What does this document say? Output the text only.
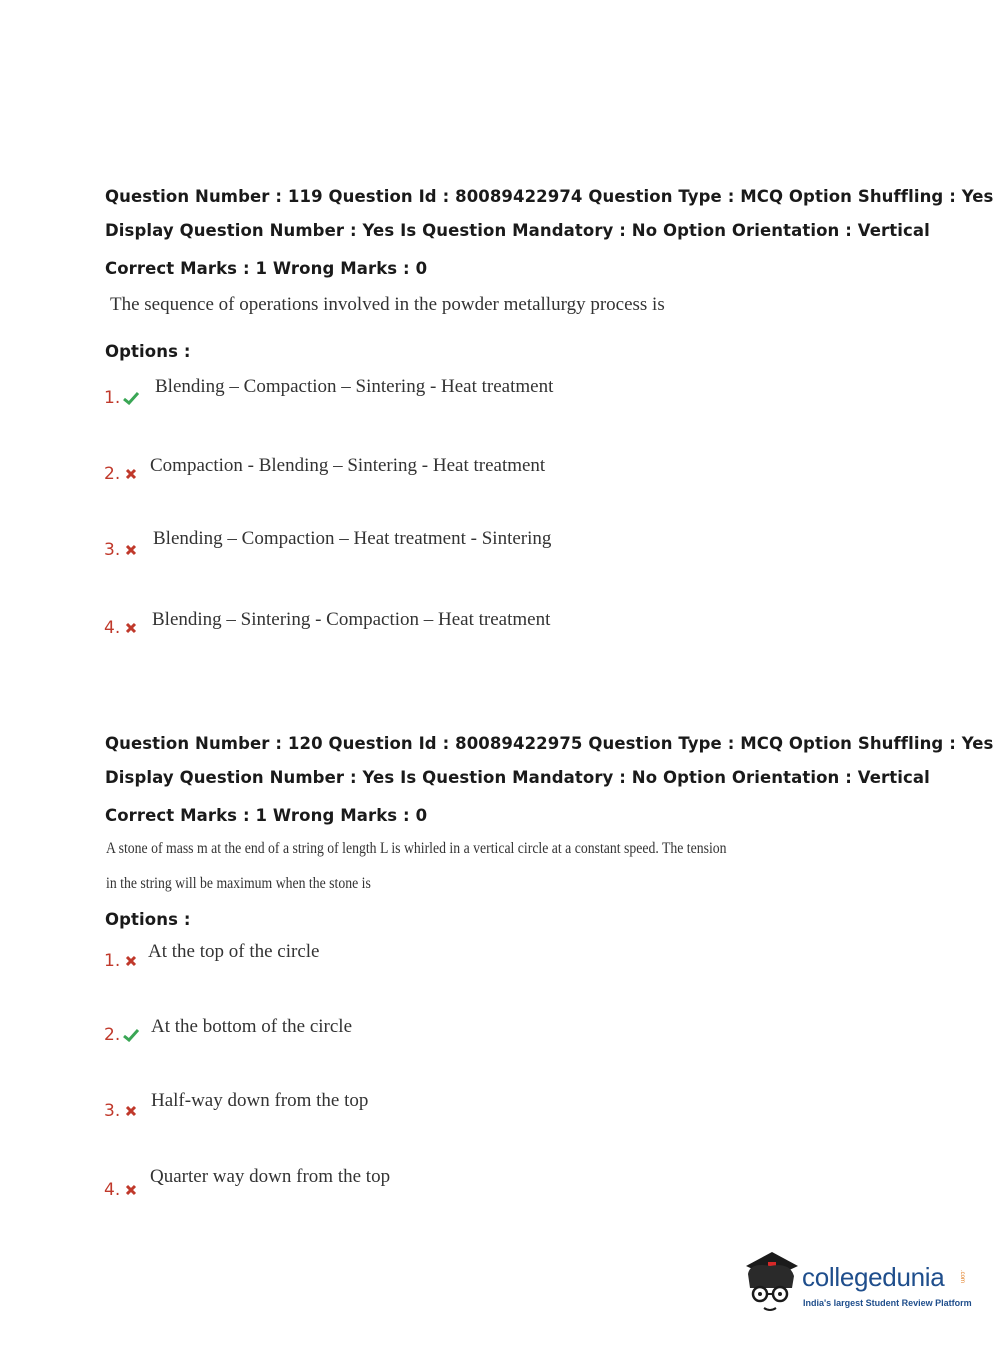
Question Number : 119 Question Id : 80089422974 Question Type : MCQ Option Shuffling : Yes
Display Question Number : Yes Is Question Mandatory : No Option Orientation : Vertical
Correct Marks : 1 Wrong Marks : 0
The sequence of operations involved in the powder metallurgy process is
Options :
1.
Blending – Compaction – Sintering - Heat treatment
2.	Compaction - Blending – Sintering - Heat treatment
3.
Blending – Compaction – Heat treatment - Sintering
4.	Blending – Sintering - Compaction – Heat treatment
Question Number : 120 Question Id : 80089422975 Question Type : MCQ Option Shuffling : Yes
Display Question Number : Yes Is Question Mandatory : No Option Orientation : Vertical
Correct Marks : 1 Wrong Marks : 0
A stone of mass m at the end of a string of length L is whirled in a vertical circle at a constant speed. The tension
in the string will be maximum when the stone is
Options :
1.	At the top of the circle
2.	At the bottom of the circle
3.	Half-way down from the top
4.
Quarter way down from the top
collegedunia .com
India's largest Student Review Platform
